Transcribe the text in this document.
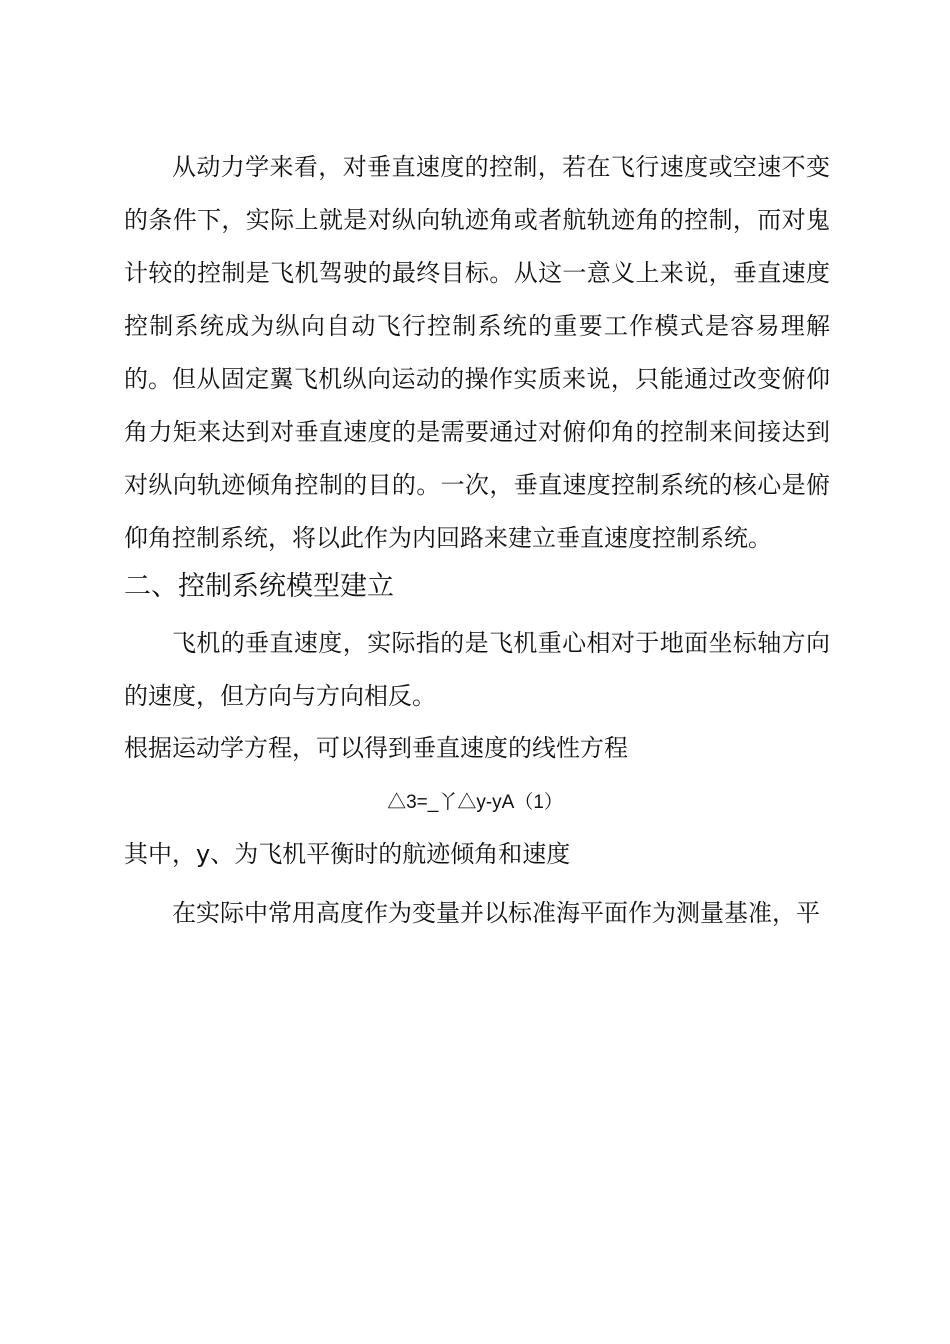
从动力学来看，对垂直速度的控制，若在飞行速度或空速不变的条件下，实际上就是对纵向轨迹角或者航轨迹角的控制，而对鬼计较的控制是飞机驾驶的最终目标。从这一意义上来说，垂直速度控制系统成为纵向自动飞行控制系统的重要工作模式是容易理解的。 但从固定翼飞机纵向运动的操作实质来说，只能通过改变俯仰角力矩来达到对垂直速度的是需要通过对俯仰角的控制来间接达到对纵向轨迹倾角控制的目的。一次，垂直速度控制系统的核心是俯仰角控制系统，将以此作为内回路来建立垂直速度控制系统。

二、控制系统模型建立

飞机的垂直速度，实际指的是飞机重心相对于地面坐标轴方向的速度，但方向与方向相反。

根据运动学方程，可以得到垂直速度的线性方程

△3=_丫△y-yA（1）

其中，y、为飞机平衡时的航迹倾角和速度

在实际中常用高度作为变量并以标准海平面作为测量基准，平
